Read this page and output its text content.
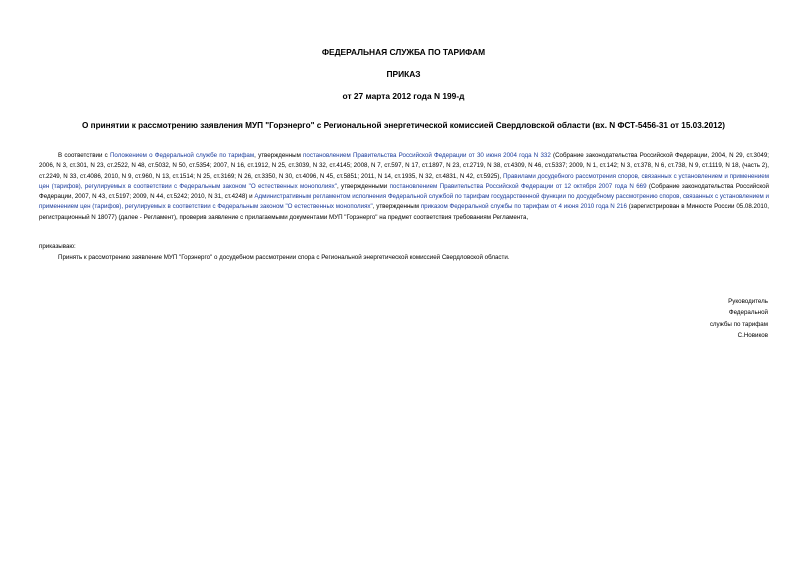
ФЕДЕРАЛЬНАЯ СЛУЖБА ПО ТАРИФАМ
ПРИКАЗ
от 27 марта 2012 года N 199-д
О принятии к рассмотрению заявления МУП "Горэнерго" с Региональной энергетической комиссией Свердловской области (вх. N ФСТ-5456-31 от 15.03.2012)
В соответствии с Положением о Федеральной службе по тарифам, утвержденным постановлением Правительства Российской Федерации от 30 июня 2004 года N 332 (Собрание законодательства Российской Федерации, 2004, N 29, ст.3049; 2006, N 3, ст.301, N 23, ст.2522, N 48, ст.5032, N 50, ст.5354; 2007, N 16, ст.1912, N 25, ст.3039, N 32, ст.4145; 2008, N 7, ст.597, N 17, ст.1897, N 23, ст.2719, N 38, ст.4309, N 46, ст.5337; 2009, N 1, ст.142; N 3, ст.378, N 6, ст.738, N 9, ст.1119, N 18, (часть 2), ст.2249, N 33, ст.4086, 2010, N 9, ст.960, N 13, ст.1514; N 25, ст.3169; N 26, ст.3350, N 30, ст.4096, N 45, ст.5851; 2011, N 14, ст.1935, N 32, ст.4831, N 42, ст.5925), Правилами досудебного рассмотрения споров, связанных с установлением и применением цен (тарифов), регулируемых в соответствии с Федеральным законом "О естественных монополиях", утвержденными постановлением Правительства Российской Федерации от 12 октября 2007 года N 669 (Собрание законодательства Российской Федерации, 2007, N 43, ст.5197; 2009, N 44, ст.5242; 2010, N 31, ст.4248) и Административным регламентом исполнения Федеральной службой по тарифам государственной функции по досудебному рассмотрению споров, связанных с установлением и применением цен (тарифов), регулируемых в соответствии с Федеральным законом "О естественных монополиях", утвержденным приказом Федеральной службы по тарифам от 4 июня 2010 года N 216 (зарегистрирован в Минюсте России 05.08.2010, регистрационный N 18077) (далее - Регламент), проверив заявление с прилагаемыми документами МУП "Горэнерго" на предмет соответствия требованиям Регламента,
приказываю:
Принять к рассмотрению заявление МУП "Горэнерго" о досудебном рассмотрении спора с Региональной энергетической комиссией Свердловской области.
Руководитель
Федеральной
службы по тарифам
С.Новиков
